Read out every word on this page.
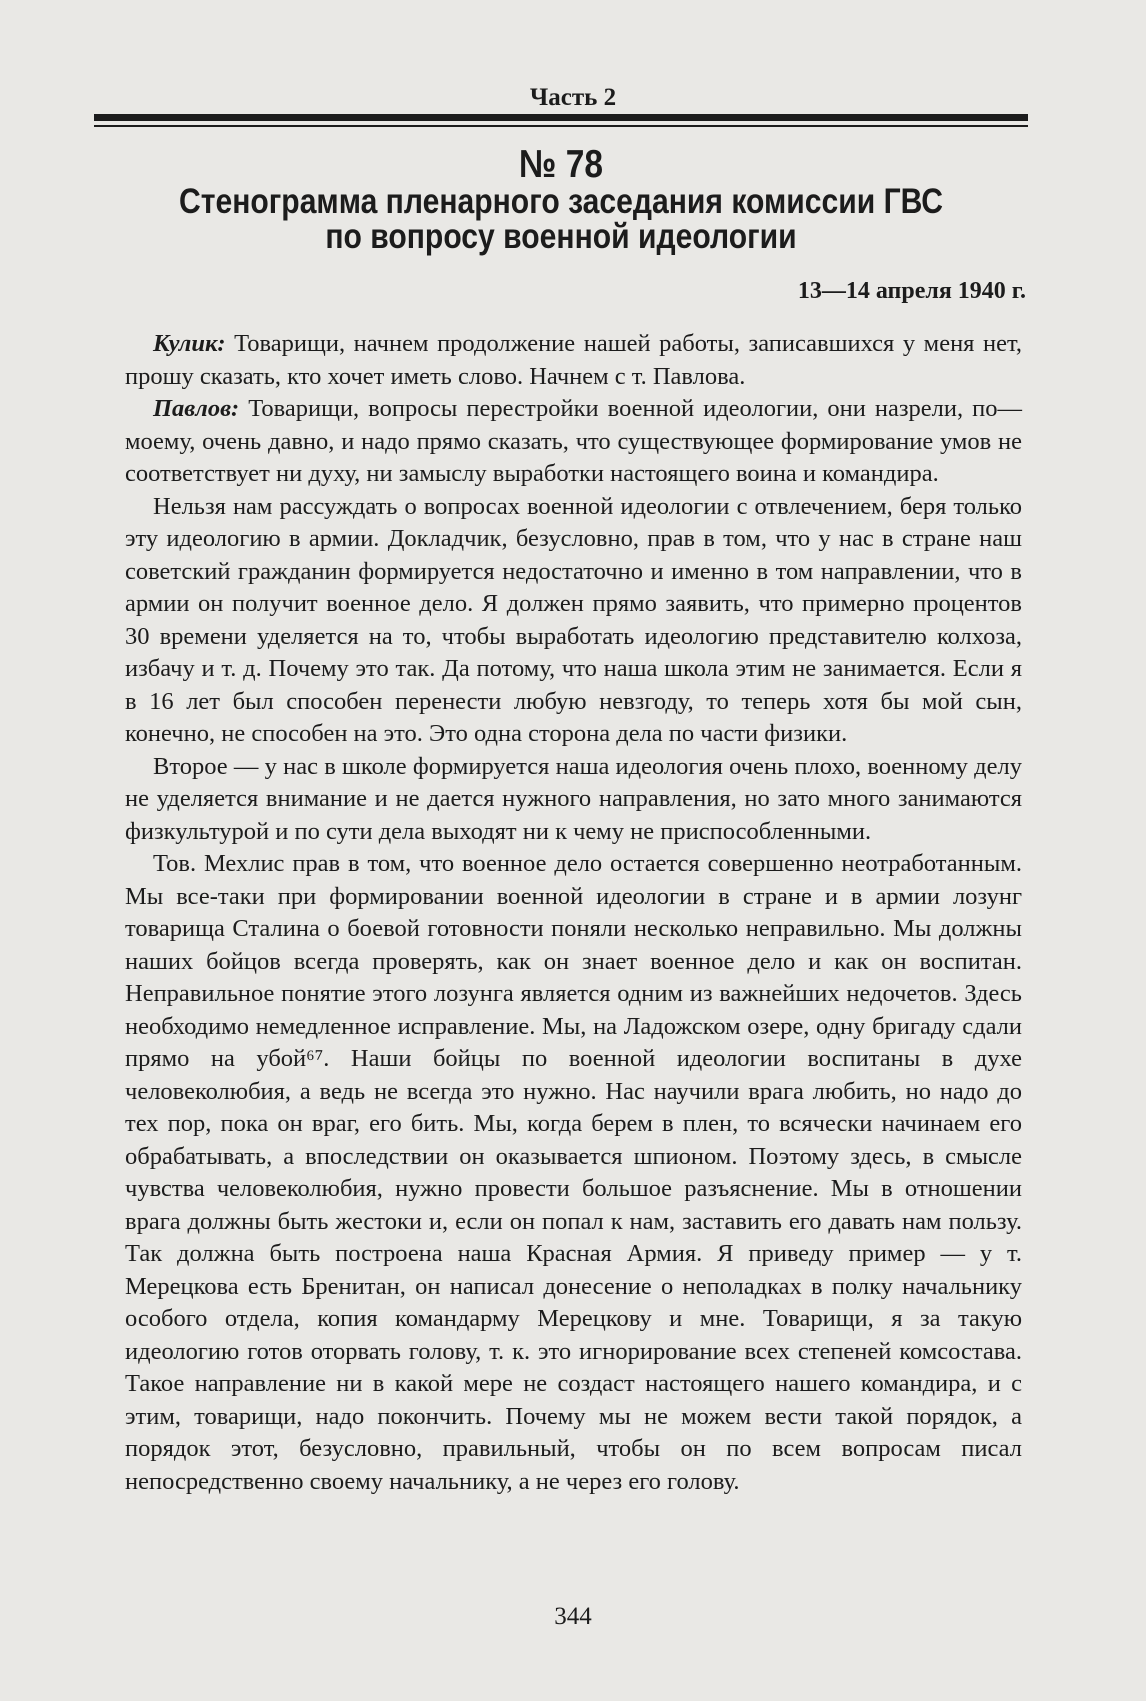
Часть 2
№ 78
Стенограмма пленарного заседания комиссии ГВС
по вопросу военной идеологии
13—14 апреля 1940 г.

Кулик: Товарищи, начнем продолжение нашей работы, записавшихся у меня нет, прошу сказать, кто хочет иметь слово. Начнем с т. Павлова.

Павлов: Товарищи, вопросы перестройки военной идеологии, они назрели, по—моему, очень давно, и надо прямо сказать, что существующее формирование умов не соответствует ни духу, ни замыслу выработки настоящего воина и командира.

Нельзя нам рассуждать о вопросах военной идеологии с отвлечением, беря только эту идеологию в армии. Докладчик, безусловно, прав в том, что у нас в стране наш советский гражданин формируется недостаточно и именно в том направлении, что в армии он получит военное дело. Я должен прямо заявить, что примерно процентов 30 времени уделяется на то, чтобы выработать идеологию представителю колхоза, избачу и т. д. Почему это так. Да потому, что наша школа этим не занимается. Если я в 16 лет был способен перенести любую невзгоду, то теперь хотя бы мой сын, конечно, не способен на это. Это одна сторона дела по части физики.

Второе — у нас в школе формируется наша идеология очень плохо, военному делу не уделяется внимание и не дается нужного направления, но зато много занимаются физкультурой и по сути дела выходят ни к чему не приспособленными.

Тов. Мехлис прав в том, что военное дело остается совершенно неотработанным. Мы все-таки при формировании военной идеологии в стране и в армии лозунг товарища Сталина о боевой готовности поняли несколько неправильно. Мы должны наших бойцов всегда проверять, как он знает военное дело и как он воспитан. Неправильное понятие этого лозунга является одним из важнейших недочетов. Здесь необходимо немедленное исправление. Мы, на Ладожском озере, одну бригаду сдали прямо на убой⁶⁷. Наши бойцы по военной идеологии воспитаны в духе человеколюбия, а ведь не всегда это нужно. Нас научили врага любить, но надо до тех пор, пока он враг, его бить. Мы, когда берем в плен, то всячески начинаем его обрабатывать, а впоследствии он оказывается шпионом. Поэтому здесь, в смысле чувства человеколюбия, нужно провести большое разъяснение. Мы в отношении врага должны быть жестоки и, если он попал к нам, заставить его давать нам пользу. Так должна быть построена наша Красная Армия. Я приведу пример — у т. Мерецкова есть Бренитан, он написал донесение о неполадках в полку начальнику особого отдела, копия командарму Мерецкову и мне. Товарищи, я за такую идеологию готов оторвать голову, т. к. это игнорирование всех степеней комсостава. Такое направление ни в какой мере не создаст настоящего нашего командира, и с этим, товарищи, надо покончить. Почему мы не можем вести такой порядок, а порядок этот, безусловно, правильный, чтобы он по всем вопросам писал непосредственно своему начальнику, а не через его голову.

344
